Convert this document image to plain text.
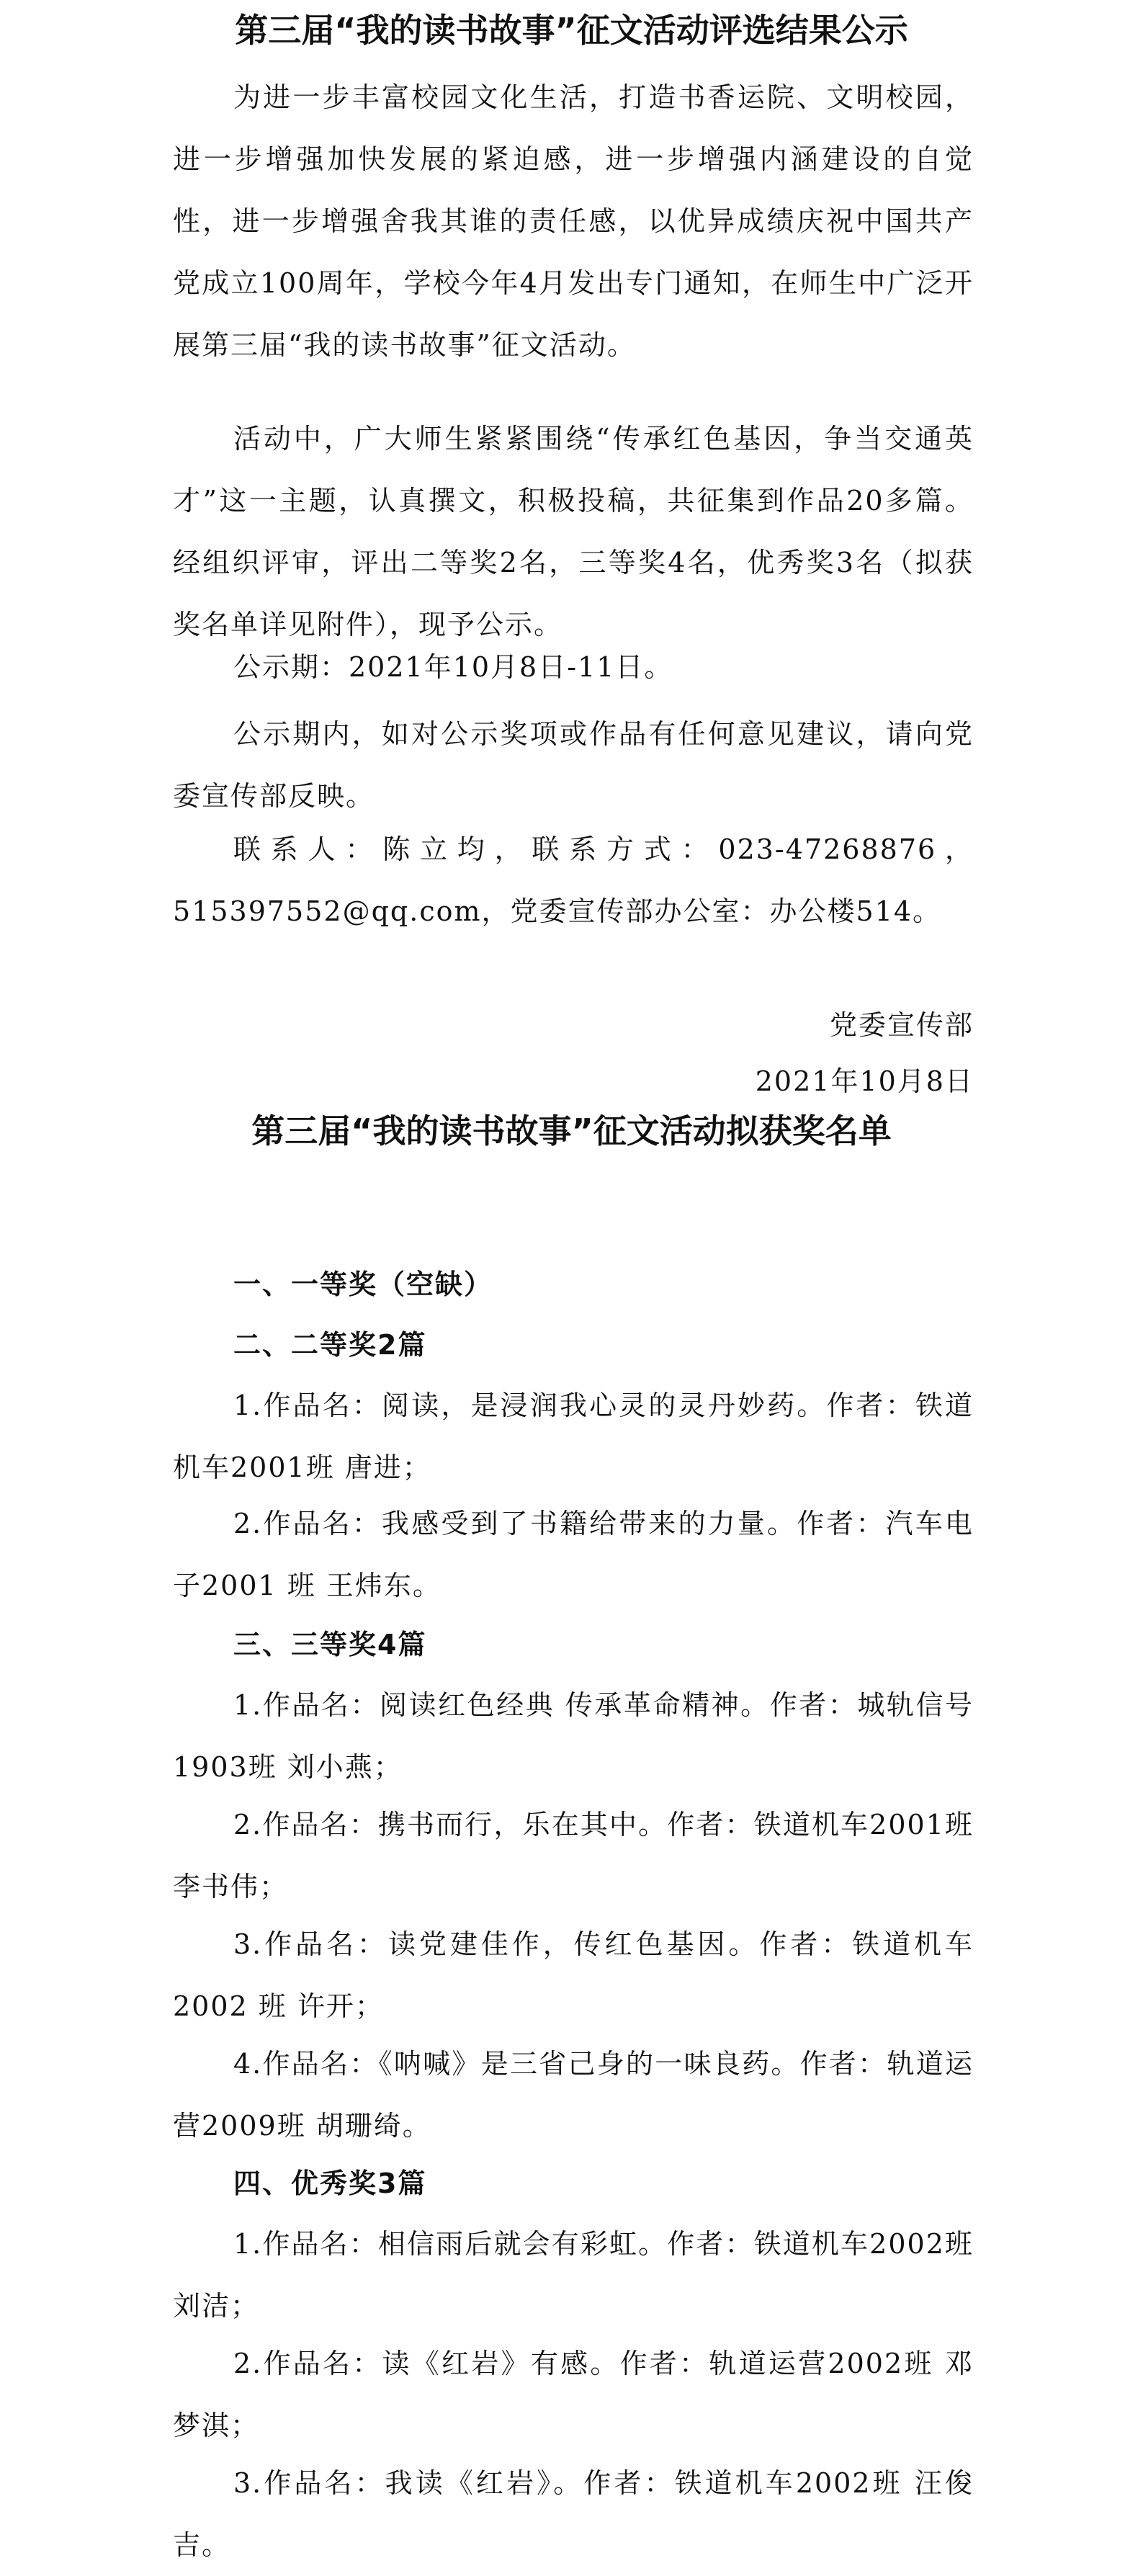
第三届“我的读书故事”征文活动评选结果公示

为进一步丰富校园文化生活，打造书香运院、文明校园，进一步增强加快发展的紧迫感，进一步增强内涵建设的自觉性，进一步增强舍我其谁的责任感，以优异成绩庆祝中国共产党成立100周年，学校今年4月发出专门通知，在师生中广泛开展第三届“我的读书故事”征文活动。

活动中，广大师生紧紧围绕“传承红色基因，争当交通英才”这一主题，认真撰文，积极投稿，共征集到作品20多篇。经组织评审，评出二等奖2名，三等奖4名，优秀奖3名（拟获奖名单详见附件），现予公示。

公示期：2021年10月8日-11日。

公示期内，如对公示奖项或作品有任何意见建议，请向党委宣传部反映。

联系人：陈立均，联系方式：023-47268876，515397552@qq.com，党委宣传部办公室：办公楼514。

党委宣传部

2021年10月8日

第三届“我的读书故事”征文活动拟获奖名单

一、一等奖（空缺）

二、二等奖2篇

1.作品名：阅读，是浸润我心灵的灵丹妙药。作者：铁道机车2001班 唐进；

2.作品名：我感受到了书籍给带来的力量。作者：汽车电子2001 班 王炜东。

三、三等奖4篇

1.作品名：阅读红色经典 传承革命精神。作者：城轨信号1903班 刘小燕；

2.作品名：携书而行，乐在其中。作者：铁道机车2001班 李书伟；

3.作品名：读党建佳作，传红色基因。作者：铁道机车2002 班 许开；

4.作品名：《呐喊》是三省己身的一味良药。作者：轨道运营2009班 胡珊绮。

四、优秀奖3篇

1.作品名：相信雨后就会有彩虹。作者：铁道机车2002班 刘洁；

2.作品名：读《红岩》有感。作者：轨道运营2002班 邓梦淇；

3.作品名：我读《红岩》。作者：铁道机车2002班 汪俊吉。
